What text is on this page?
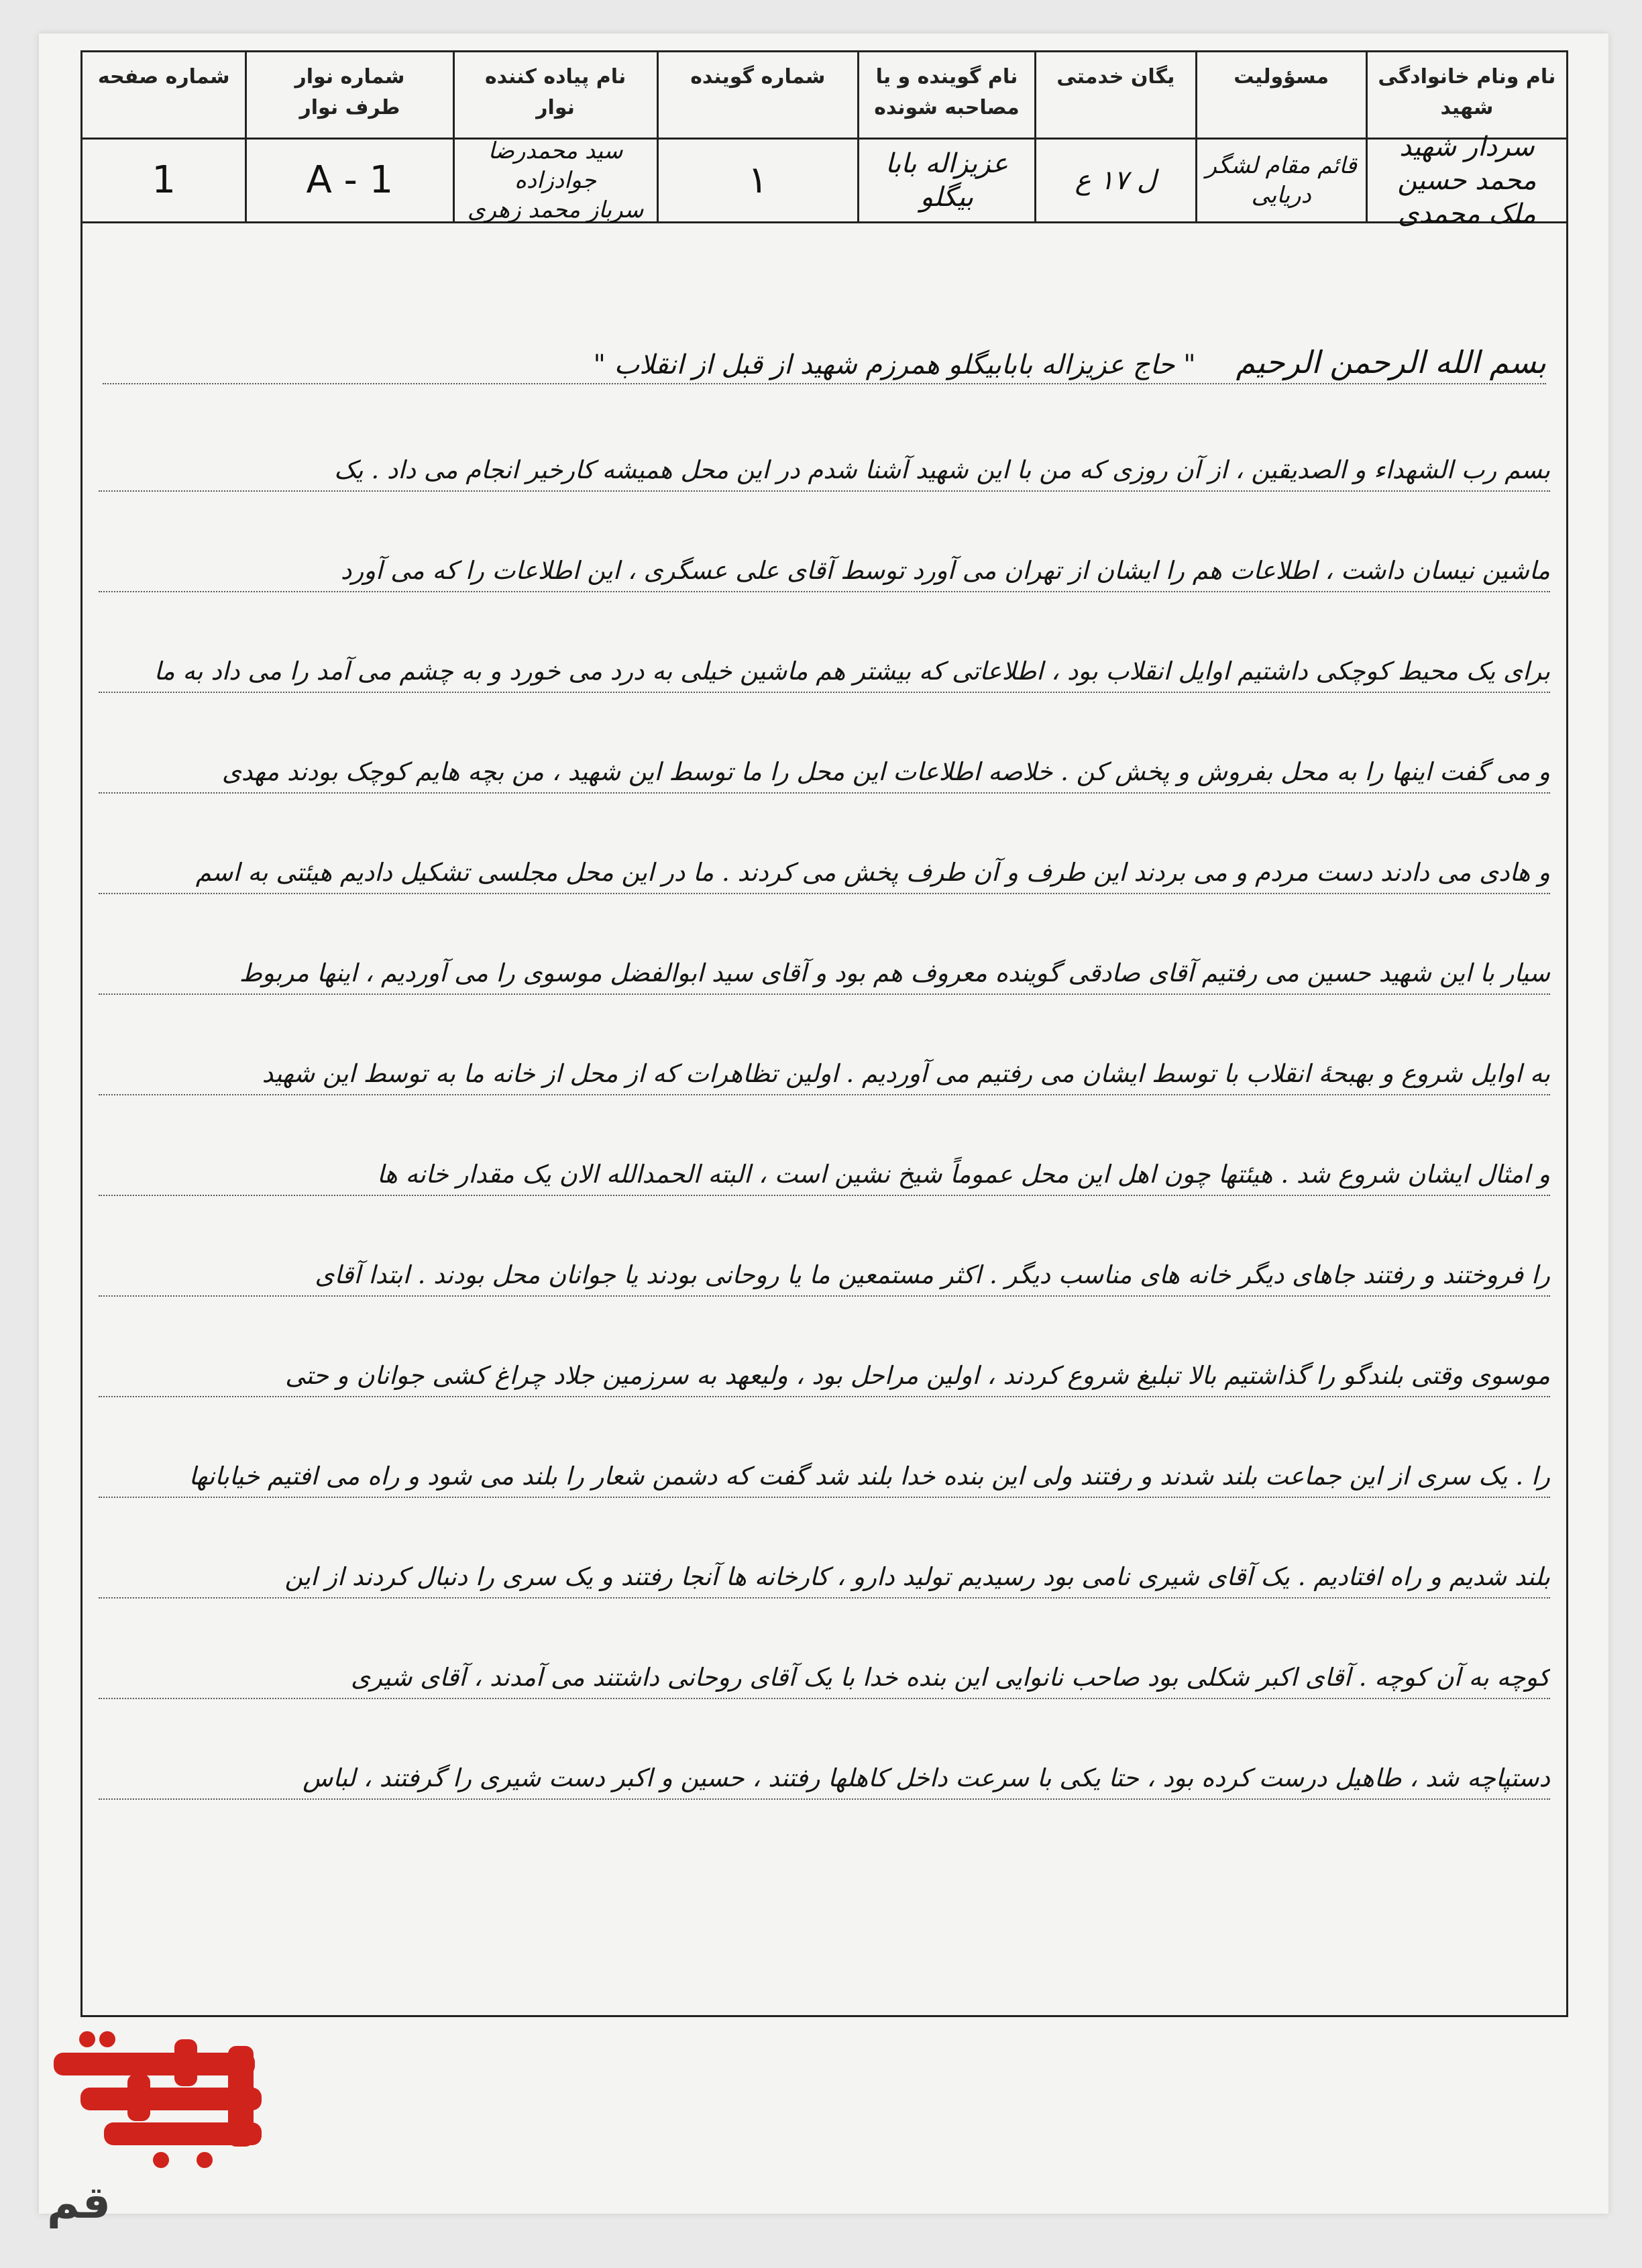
نام ونام خانوادگی شهید
مسؤولیت
یگان خدمتی
نام گوینده و یا
مصاحبه شونده
شماره گوینده
نام پیاده کننده
نوار
شماره نوار
طرف نوار
شماره صفحه
سردار شهید محمد حسین ملک محمدی
قائم مقام لشگر
دریایی
ل ۱۷ ع
عزیزاله بابا بیگلو
۱
سید محمدرضا جوادزاده
سرباز محمد زهری
A - 1
1
بسم الله الرحمن الرحیم
" حاج عزیزاله بابابیگلو همرزم شهید از قبل از انقلاب "
بسم رب الشهداء و الصدیقین ، از آن روزی که من با این شهید آشنا شدم در این محل همیشه کارخیر انجام می داد . یک
ماشین نیسان داشت ، اطلاعات هم را ایشان از تهران می آورد توسط آقای علی عسگری ، این اطلاعات را که می آورد
برای یک محیط کوچکی داشتیم اوایل انقلاب بود ، اطلاعاتی که بیشتر هم ماشین خیلی به درد می خورد و به چشم می آمد را می داد به ما
و می گفت اینها را به محل بفروش و پخش کن . خلاصه اطلاعات این محل را ما توسط این شهید ، من بچه هایم کوچک بودند مهدی
و هادی می دادند دست مردم و می بردند این طرف و آن طرف پخش می کردند . ما در این محل مجلسی تشکیل دادیم هیئتی به اسم
سیار با این شهید حسین می رفتیم آقای صادقی گوینده معروف هم بود و آقای سید ابوالفضل موسوی را می آوردیم ، اینها مربوط
به اوایل شروع و بهبحهٔ انقلاب با توسط ایشان می رفتیم می آوردیم . اولین تظاهرات که از محل از خانه ما به توسط این شهید
و امثال ایشان شروع شد . هیئتها چون اهل این محل عموماً شیخ نشین است ، البته الحمدالله الان یک مقدار خانه ها
را فروختند و رفتند جاهای دیگر خانه های مناسب دیگر . اکثر مستمعین ما یا روحانی بودند یا جوانان محل بودند . ابتدا آقای
موسوی وقتی بلندگو را گذاشتیم بالا تبلیغ شروع کردند ، اولین مراحل بود ، ولیعهد به سرزمین جلاد چراغ کشی جوانان و حتی
را . یک سری از این جماعت بلند شدند و رفتند ولی این بنده خدا بلند شد گفت که دشمن شعار را بلند می شود و راه می افتیم خیابانها
بلند شدیم و راه افتادیم . یک آقای شیری نامی بود رسیدیم تولید دارو ، کارخانه ها آنجا رفتند و یک سری را دنبال کردند از این
کوچه به آن کوچه . آقای اکبر شکلی بود صاحب نانوایی این بنده خدا با یک آقای روحانی داشتند می آمدند ، آقای شیری
دستپاچه شد ، طاهیل درست کرده بود ، حتا یکی با سرعت داخل کاهلها رفتند ، حسین و اکبر دست شیری را گرفتند ، لباس
قم
